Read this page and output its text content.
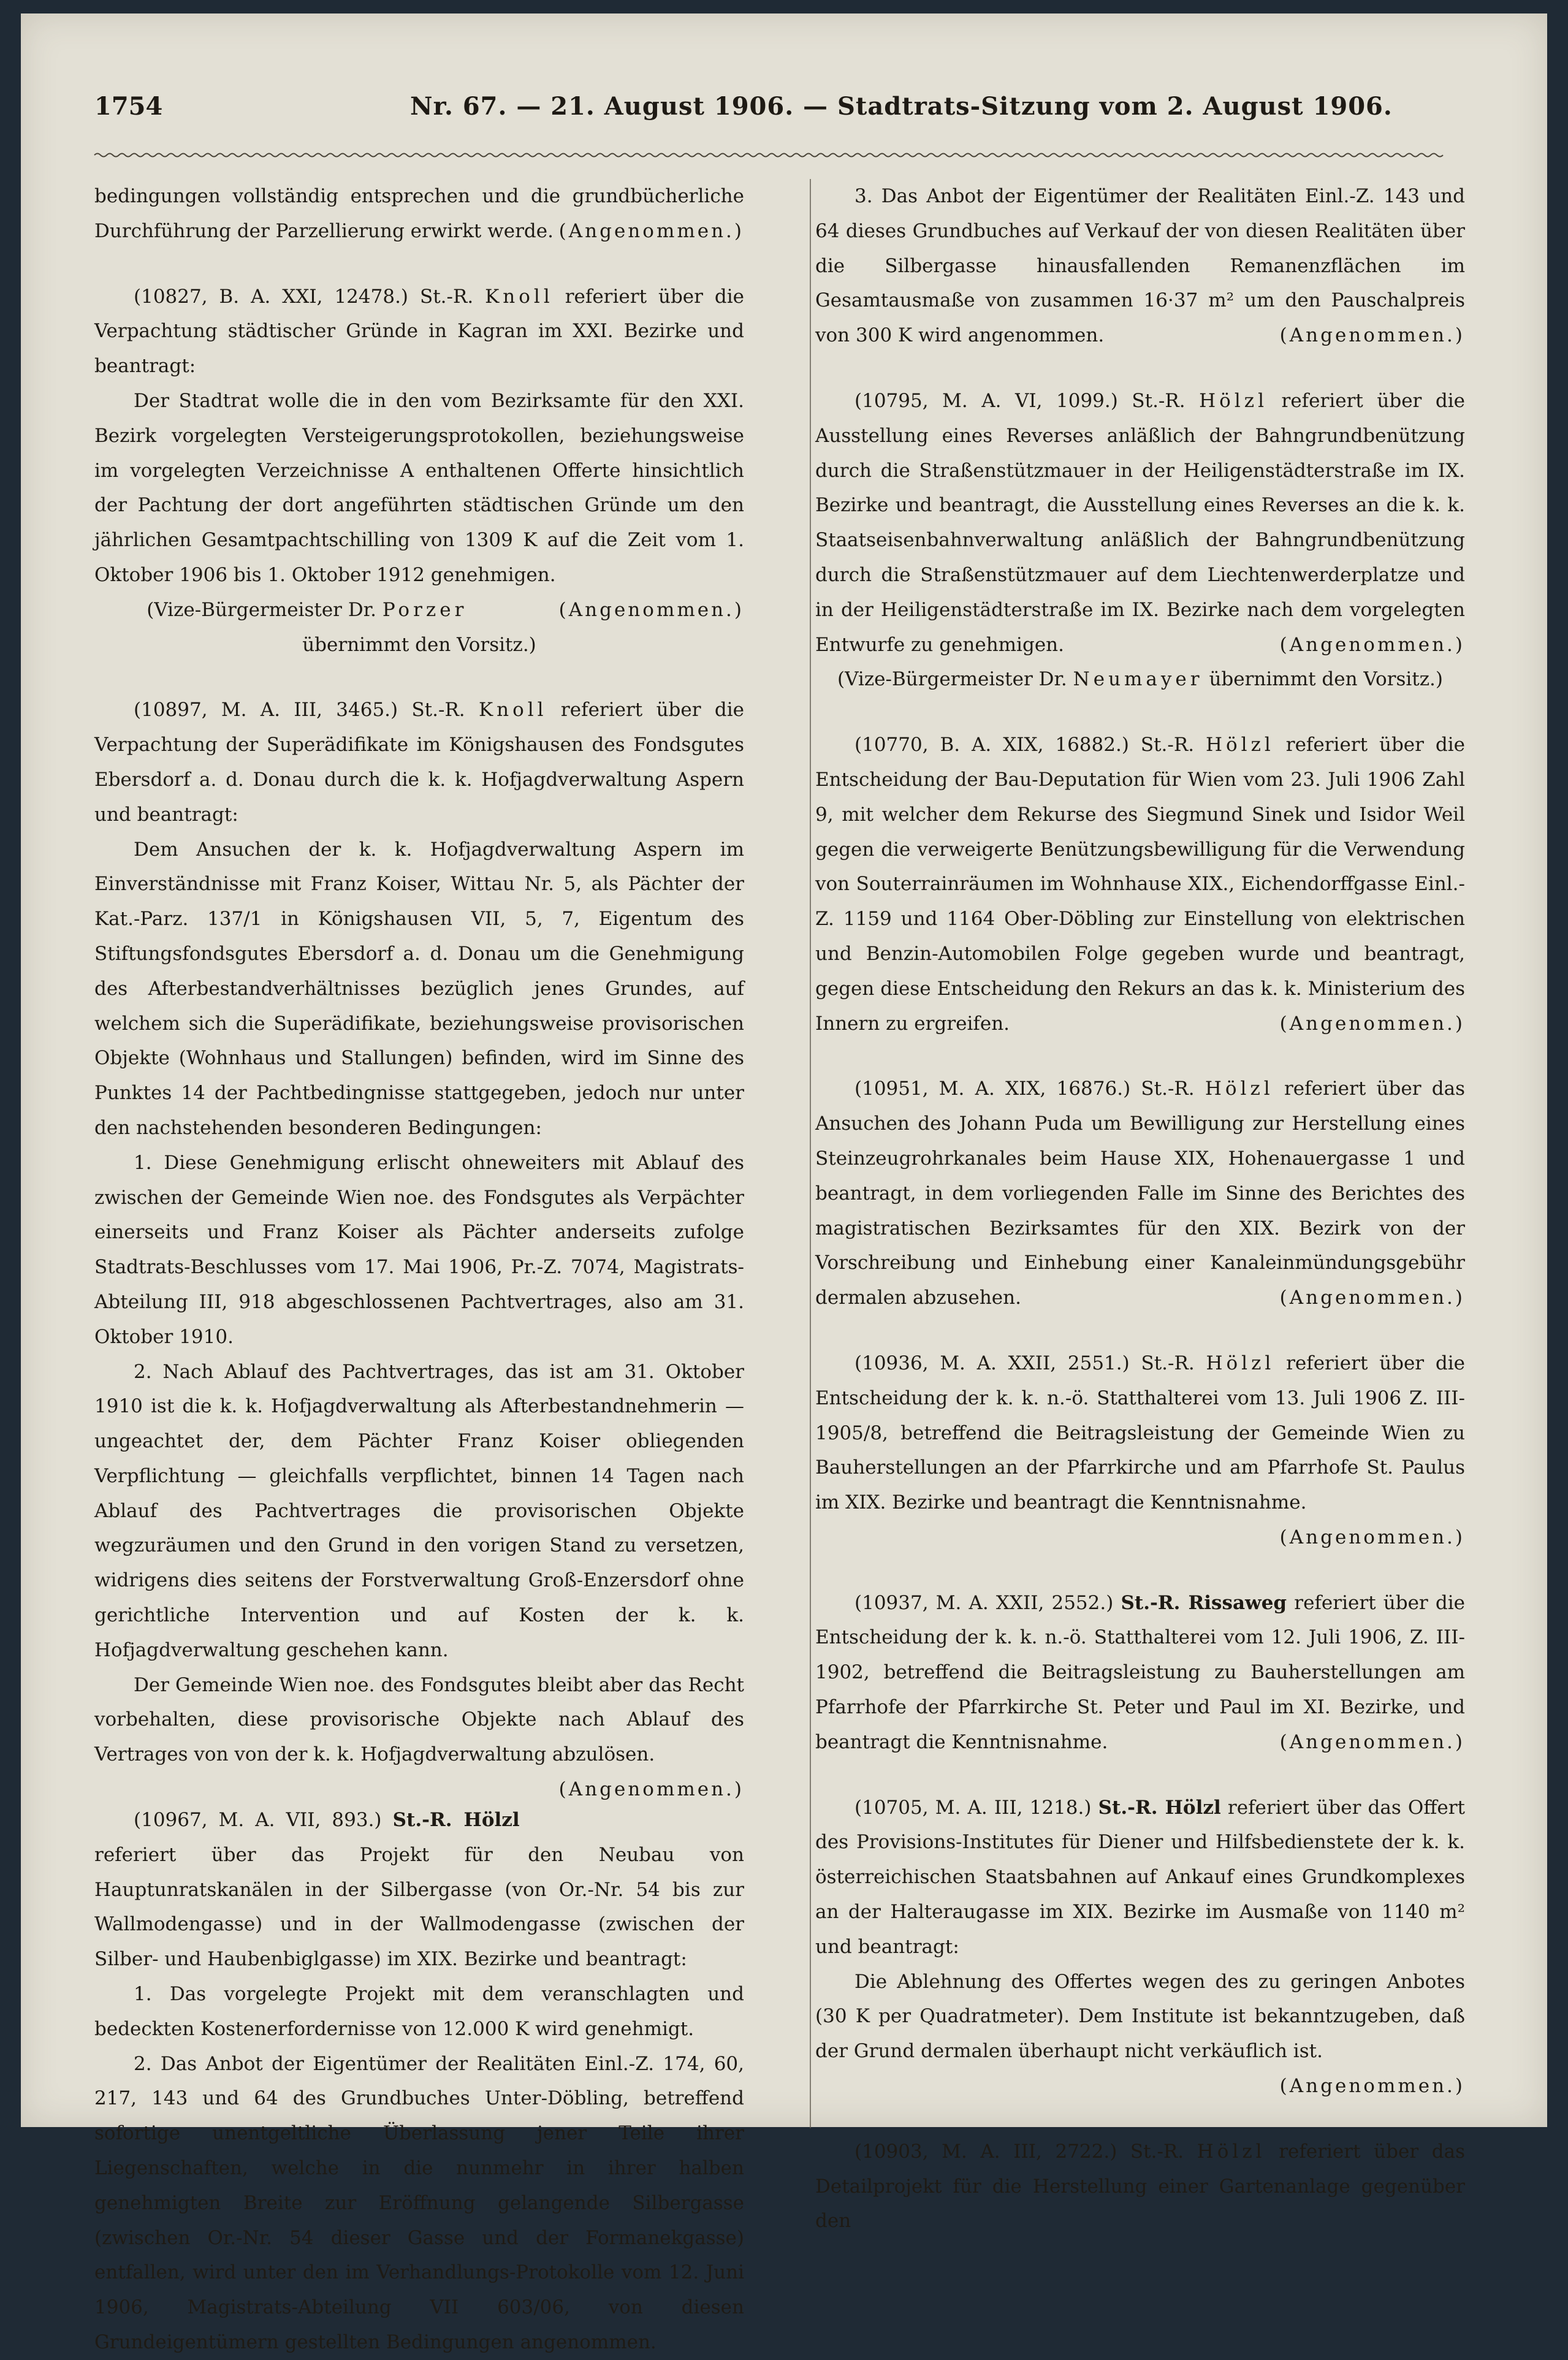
1754	Nr. 67. — 21. August 1906. — Stadtrats-Sitzung vom 2. August 1906.

bedingungen vollständig entsprechen und die grundbücherliche Durchführung der Parzellierung erwirkt werde. (Angenommen.)

(10827, B. A. XXI, 12478.) St.-R. Knoll referiert über die Verpachtung städtischer Gründe in Kagran im XXI. Bezirke und beantragt:

Der Stadtrat wolle die in den vom Bezirksamte für den XXI. Bezirk vorgelegten Versteigerungsprotokollen, beziehungsweise im vorgelegten Verzeichnisse A enthaltenen Offerte hinsichtlich der Pachtung der dort angeführten städtischen Gründe um den jährlichen Gesamtpachtschilling von 1309 K auf die Zeit vom 1. Oktober 1906 bis 1. Oktober 1912 genehmigen.
(Angenommen.)

(Vize-Bürgermeister Dr. Porzer übernimmt den Vorsitz.)

(10897, M. A. III, 3465.) St.-R. Knoll referiert über die Verpachtung der Superädifikate im Königshausen des Fondsgutes Ebersdorf a. d. Donau durch die k. k. Hofjagdverwaltung Aspern und beantragt:

Dem Ansuchen der k. k. Hofjagdverwaltung Aspern im Einverständnisse mit Franz Koiser, Wittau Nr. 5, als Pächter der Kat.-Parz. 137/1 in Königshausen VII, 5, 7, Eigentum des Stiftungsfondsgutes Ebersdorf a. d. Donau um die Genehmigung des Afterbestandverhältnisses bezüglich jenes Grundes, auf welchem sich die Superädifikate, beziehungsweise provisorischen Objekte (Wohnhaus und Stallungen) befinden, wird im Sinne des Punktes 14 der Pachtbedingnisse stattgegeben, jedoch nur unter den nachstehenden besonderen Bedingungen:

1. Diese Genehmigung erlischt ohneweiters mit Ablauf des zwischen der Gemeinde Wien noe. des Fondsgutes als Verpächter einerseits und Franz Koiser als Pächter anderseits zufolge Stadtrats-Beschlusses vom 17. Mai 1906, Pr.-Z. 7074, Magistrats-Abteilung III, 918 abgeschlossenen Pachtvertrages, also am 31. Oktober 1910.

2. Nach Ablauf des Pachtvertrages, das ist am 31. Oktober 1910 ist die k. k. Hofjagdverwaltung als Afterbestandnehmerin — ungeachtet der, dem Pächter Franz Koiser obliegenden Verpflichtung — gleichfalls verpflichtet, binnen 14 Tagen nach Ablauf des Pachtvertrages die provisorischen Objekte wegzuräumen und den Grund in den vorigen Stand zu versetzen, widrigens dies seitens der Forstverwaltung Groß-Enzersdorf ohne gerichtliche Intervention und auf Kosten der k. k. Hofjagdverwaltung geschehen kann.

Der Gemeinde Wien noe. des Fondsgutes bleibt aber das Recht vorbehalten, diese provisorische Objekte nach Ablauf des Vertrages von von der k. k. Hofjagdverwaltung abzulösen.
(Angenommen.)

(10967, M. A. VII, 893.) St.-R. Hölzl referiert über das Projekt für den Neubau von Hauptunratskanälen in der Silbergasse (von Or.-Nr. 54 bis zur Wallmodengasse) und in der Wallmodengasse (zwischen der Silber- und Haubenbiglgasse) im XIX. Bezirke und beantragt:

1. Das vorgelegte Projekt mit dem veranschlagten und bedeckten Kostenerfordernisse von 12.000 K wird genehmigt.

2. Das Anbot der Eigentümer der Realitäten Einl.-Z. 174, 60, 217, 143 und 64 des Grundbuches Unter-Döbling, betreffend sofortige unentgeltliche Überlassung jener Teile ihrer Liegenschaften, welche in die nunmehr in ihrer halben genehmigten Breite zur Eröffnung gelangende Silbergasse (zwischen Or.-Nr. 54 dieser Gasse und der Formanekgasse) entfallen, wird unter den im Verhandlungs-Protokolle vom 12. Juni 1906, Magistrats-Abteilung VII 603/06, von diesen Grundeigentümern gestellten Bedingungen angenommen.

3. Das Anbot der Eigentümer der Realitäten Einl.-Z. 143 und 64 dieses Grundbuches auf Verkauf der von diesen Realitäten über die Silbergasse hinausfallenden Remanenzflächen im Gesamtausmaße von zusammen 16·37 m² um den Pauschalpreis von 300 K wird angenommen.	(Angenommen.)

(10795, M. A. VI, 1099.) St.-R. Hölzl referiert über die Ausstellung eines Reverses anläßlich der Bahngrundbenützung durch die Straßenstützmauer in der Heiligenstädterstraße im IX. Bezirke und beantragt, die Ausstellung eines Reverses an die k. k. Staatseisenbahnverwaltung anläßlich der Bahngrundbenützung durch die Straßenstützmauer auf dem Liechtenwerderplatze und in der Heiligenstädterstraße im IX. Bezirke nach dem vorgelegten Entwurfe zu genehmigen.	(Angenommen.)

(Vize-Bürgermeister Dr. Neumayer übernimmt den Vorsitz.)

(10770, B. A. XIX, 16882.) St.-R. Hölzl referiert über die Entscheidung der Bau-Deputation für Wien vom 23. Juli 1906 Zahl 9, mit welcher dem Rekurse des Siegmund Sinek und Isidor Weil gegen die verweigerte Benützungsbewilligung für die Verwendung von Souterrainräumen im Wohnhause XIX., Eichendorffgasse Einl.-Z. 1159 und 1164 Ober-Döbling zur Einstellung von elektrischen und Benzin-Automobilen Folge gegeben wurde und beantragt, gegen diese Entscheidung den Rekurs an das k. k. Ministerium des Innern zu ergreifen.	(Angenommen.)

(10951, M. A. XIX, 16876.) St.-R. Hölzl referiert über das Ansuchen des Johann Puda um Bewilligung zur Herstellung eines Steinzeugrohrkanales beim Hause XIX, Hohenauergasse 1 und beantragt, in dem vorliegenden Falle im Sinne des Berichtes des magistratischen Bezirksamtes für den XIX. Bezirk von der Vorschreibung und Einhebung einer Kanaleinmündungsgebühr dermalen abzusehen.	(Angenommen.)

(10936, M. A. XXII, 2551.) St.-R. Hölzl referiert über die Entscheidung der k. k. n.-ö. Statthalterei vom 13. Juli 1906 Z. III-1905/8, betreffend die Beitragsleistung der Gemeinde Wien zu Bauherstellungen an der Pfarrkirche und am Pfarrhofe St. Paulus im XIX. Bezirke und beantragt die Kenntnisnahme.

(Angenommen.)

(10937, M. A. XXII, 2552.) St.-R. Rissaweg referiert über die Entscheidung der k. k. n.-ö. Statthalterei vom 12. Juli 1906, Z. III-1902, betreffend die Beitragsleistung zu Bauherstellungen am Pfarrhofe der Pfarrkirche St. Peter und Paul im XI. Bezirke, und beantragt die Kenntnisnahme.	(Angenommen.)

(10705, M. A. III, 1218.) St.-R. Hölzl referiert über das Offert des Provisions-Institutes für Diener und Hilfsbedienstete der k. k. österreichischen Staatsbahnen auf Ankauf eines Grundkomplexes an der Halteraugasse im XIX. Bezirke im Ausmaße von 1140 m² und beantragt:

Die Ablehnung des Offertes wegen des zu geringen Anbotes (30 K per Quadratmeter). Dem Institute ist bekanntzugeben, daß der Grund dermalen überhaupt nicht verkäuflich ist.

(Angenommen.)

(10903, M. A. III, 2722.) St.-R. Hölzl referiert über das Detailprojekt für die Herstellung einer Gartenanlage gegenüber den
